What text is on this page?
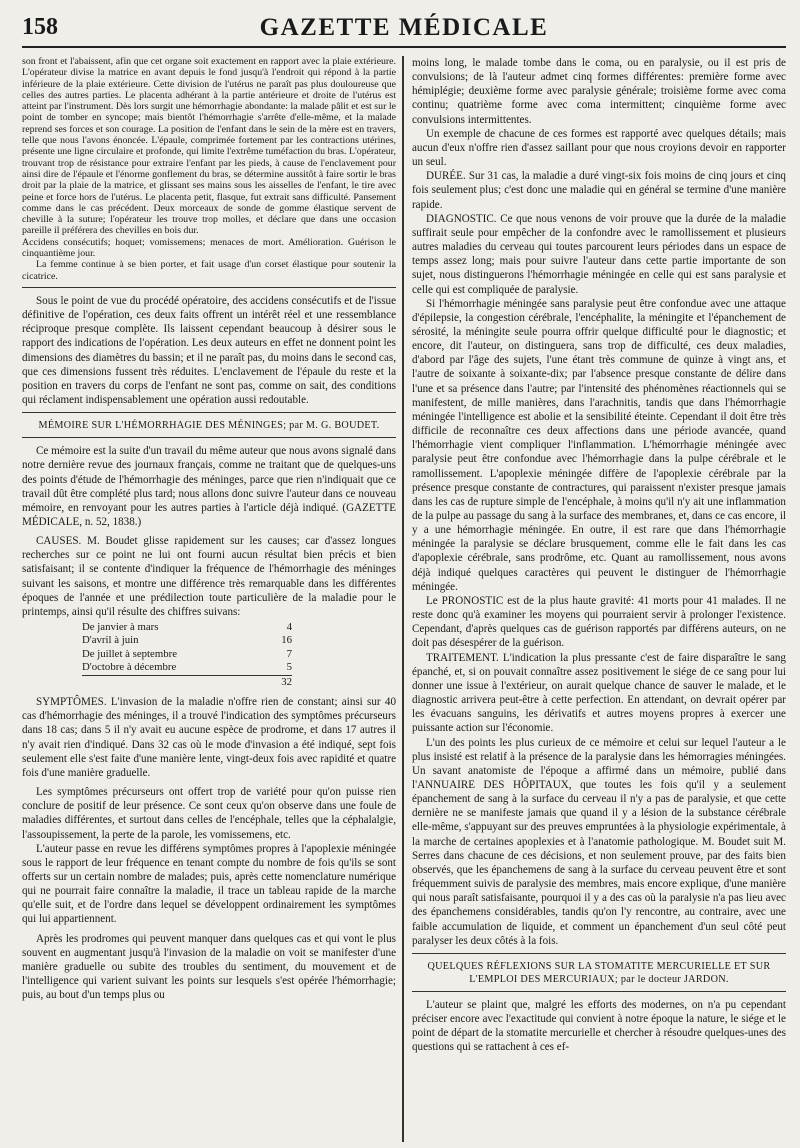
158	GAZETTE MÉDICALE

son front et l'abaissent, afin que cet organe soit exactement en rapport avec la plaie extérieure. L'opérateur divise la matrice en avant depuis le fond jusqu'à l'endroit qui répond à la partie inférieure de la plaie extérieure. Cette division de l'utérus ne paraît pas plus douloureuse que celles des autres parties. Le placenta adhérant à la partie antérieure et droite de l'utérus est atteint par l'instrument. Dès lors surgit une hémorrhagie abondante: la malade pâlit et est sur le point de tomber en syncope; mais bientôt l'hémorrhagie s'arrête d'elle-même, et la malade reprend ses forces et son courage. La position de l'enfant dans le sein de la mère est en travers, telle que nous l'avons énoncée. L'épaule, comprimée fortement par les contractions utérines, présente une ligne circulaire et profonde, qui limite l'extrême tuméfaction du bras. L'opérateur, trouvant trop de résistance pour extraire l'enfant par les pieds, à cause de l'enclavement pour ainsi dire de l'épaule et l'énorme gonflement du bras, se détermine aussitôt à faire sortir le bras droit par la plaie de la matrice, et glissant ses mains sous les aisselles de l'enfant, le tire avec peine et force hors de l'utérus. Le placenta petit, flasque, fut extrait sans difficulté. Pansement comme dans le cas précédent. Deux morceaux de sonde de gomme élastique servent de cheville à la suture; l'opérateur les trouve trop molles, et déclare que dans une occasion pareille il préférera des chevilles en bois dur.

Accidens consécutifs; hoquet; vomissemens; menaces de mort. Amélioration. Guérison le cinquantième jour.

La femme continue à se bien porter, et fait usage d'un corset élastique pour soutenir la cicatrice.

Sous le point de vue du procédé opératoire, des accidens consécutifs et de l'issue définitive de l'opération, ces deux faits offrent un intérêt réel et une ressemblance réciproque presque complète. Ils laissent cependant beaucoup à désirer sous le rapport des indications de l'opération. Les deux auteurs en effet ne donnent point les dimensions des diamètres du bassin; et il ne paraît pas, du moins dans le second cas, que ces dimensions fussent très réduites. L'enclavement de l'épaule du reste et la position en travers du corps de l'enfant ne sont pas, comme on sait, des conditions qui réclament indispensablement une opération aussi redoutable.

MÉMOIRE SUR L'HÉMORRHAGIE DES MÉNINGES; par M. G. BOUDET.

Ce mémoire est la suite d'un travail du même auteur que nous avons signalé dans notre dernière revue des journaux français, comme ne traitant que de quelques-uns des points d'étude de l'hémorrhagie des méninges, parce que rien n'indiquait que ce travail dût être complété plus tard; nous allons donc suivre l'auteur dans ce nouveau mémoire, en renvoyant pour les autres parties à l'article déjà indiqué. (GAZETTE MÉDICALE, n. 52, 1838.)

CAUSES. M. Boudet glisse rapidement sur les causes; car d'assez longues recherches sur ce point ne lui ont fourni aucun résultat bien précis et bien satisfaisant; il se contente d'indiquer la fréquence de l'hémorrhagie des méninges suivant les saisons, et montre une différence très remarquable dans les différentes époques de l'année et une prédilection toute particulière de la maladie pour le printemps, ainsi qu'il résulte des chiffres suivans:

De janvier à mars	4
D'avril à juin	16
De juillet à septembre	7
D'octobre à décembre	5
	32

SYMPTÔMES. L'invasion de la maladie n'offre rien de constant; ainsi sur 40 cas d'hémorrhagie des méninges, il a trouvé l'indication des symptômes précurseurs dans 18 cas; dans 5 il n'y avait eu aucune espèce de prodrome, et dans 17 autres il n'y avait rien d'indiqué. Dans 32 cas où le mode d'invasion a été indiqué, sept fois seulement elle s'est faite d'une manière lente, vingt-deux fois avec rapidité et quatre fois d'une manière graduelle.

Les symptômes précurseurs ont offert trop de variété pour qu'on puisse rien conclure de positif de leur présence. Ce sont ceux qu'on observe dans une foule de maladies différentes, et surtout dans celles de l'encéphale, telles que la céphalalgie, l'assoupissement, la perte de la parole, les vomissemens, etc.

L'auteur passe en revue les différens symptômes propres à l'apoplexie méningée sous le rapport de leur fréquence en tenant compte du nombre de fois qu'ils se sont offerts sur un certain nombre de malades; puis, après cette nomenclature numérique qui ne pourrait faire connaître la maladie, il trace un tableau rapide de la marche qu'elle suit, et de l'ordre dans lequel se développent ordinairement les symptômes qui lui appartiennent.

Après les prodromes qui peuvent manquer dans quelques cas et qui vont le plus souvent en augmentant jusqu'à l'invasion de la maladie on voit se manifester d'une manière graduelle ou subite des troubles du sentiment, du mouvement et de l'intelligence qui varient suivant les points sur lesquels s'est opérée l'hémorrhagie; puis, au bout d'un temps plus ou

moins long, le malade tombe dans le coma, ou en paralysie, ou il est pris de convulsions; de là l'auteur admet cinq formes différentes: première forme avec hémiplégie; deuxième forme avec paralysie générale; troisième forme avec coma continu; quatrième forme avec coma intermittent; cinquième forme avec convulsions intermittentes.

Un exemple de chacune de ces formes est rapporté avec quelques détails; mais aucun d'eux n'offre rien d'assez saillant pour que nous croyions devoir en rapporter un seul.

DURÉE. Sur 31 cas, la maladie a duré vingt-six fois moins de cinq jours et cinq fois seulement plus; c'est donc une maladie qui en général se termine d'une manière rapide.

DIAGNOSTIC. Ce que nous venons de voir prouve que la durée de la maladie suffirait seule pour empêcher de la confondre avec le ramollissement et plusieurs autres maladies du cerveau qui toutes parcourent leurs périodes dans un espace de temps assez long; mais pour suivre l'auteur dans cette partie importante de son sujet, nous distinguerons l'hémorrhagie méningée en celle qui est sans paralysie et celle qui est compliquée de paralysie.

Si l'hémorrhagie méningée sans paralysie peut être confondue avec une attaque d'épilepsie, la congestion cérébrale, l'encéphalite, la méningite et l'épanchement de sérosité, la méningite seule pourra offrir quelque difficulté pour le diagnostic; et encore, dit l'auteur, on distinguera, sans trop de difficulté, ces deux maladies, d'abord par l'âge des sujets, l'une étant très commune de quinze à vingt ans, et l'autre de soixante à soixante-dix; par l'absence presque constante de délire dans l'une et sa présence dans l'autre; par l'intensité des phénomènes réactionnels qui se manifestent, de mille manières, dans l'arachnitis, tandis que dans l'hémorrhagie méningée l'intelligence est abolie et la sensibilité éteinte. Cependant il doit être très difficile de reconnaître ces deux affections dans une période avancée, quand l'hémorrhagie vient compliquer l'inflammation. L'hémorrhagie méningée avec paralysie peut être confondue avec l'hémorrhagie dans la pulpe cérébrale et le ramollissement. L'apoplexie méningée diffère de l'apoplexie cérébrale par la présence presque constante de contractures, qui paraissent n'exister presque jamais dans les cas de rupture simple de l'encéphale, à moins qu'il n'y ait une inflammation de la pulpe au passage du sang à la surface des membranes, et, dans ce cas encore, il y a une hémorrhagie méningée. En outre, il est rare que dans l'hémorrhagie méningée la paralysie se déclare brusquement, comme elle le fait dans les cas d'apoplexie cérébrale, sans prodrôme, etc. Quant au ramollissement, nous avons déjà indiqué quelques caractères qui peuvent le distinguer de l'hémorrhagie méningée.

Le PRONOSTIC est de la plus haute gravité: 41 morts pour 41 malades. Il ne reste donc qu'à examiner les moyens qui pourraient servir à prolonger l'existence. Cependant, d'après quelques cas de guérison rapportés par différens auteurs, on ne doit pas désespérer de la guérison.

TRAITEMENT. L'indication la plus pressante c'est de faire disparaître le sang épanché, et, si on pouvait connaître assez positivement le siége de ce sang pour lui donner une issue à l'extérieur, on aurait quelque chance de sauver le malade, et le diagnostic arrivera peut-être à cette perfection. En attendant, on devrait opérer par les évacuans sanguins, les dérivatifs et autres moyens propres à exercer une puissante action sur l'économie.

L'un des points les plus curieux de ce mémoire et celui sur lequel l'auteur a le plus insisté est relatif à la présence de la paralysie dans les hémorragies méningées. Un savant anatomiste de l'époque a affirmé dans un mémoire, publié dans l'ANNUAIRE DES HÔPITAUX, que toutes les fois qu'il y a seulement épanchement de sang à la surface du cerveau il n'y a pas de paralysie, et que cette dernière ne se manifeste jamais que quand il y a lésion de la substance cérébrale elle-même, s'appuyant sur des preuves empruntées à la physiologie expérimentale, à la marche de certaines apoplexies et à l'anatomie pathologique. M. Boudet suit M. Serres dans chacune de ces décisions, et non seulement prouve, par des faits bien observés, que les épanchemens de sang à la surface du cerveau peuvent être et sont fréquemment suivis de paralysie des membres, mais encore explique, d'une manière qui nous paraît satisfaisante, pourquoi il y a des cas où la paralysie n'a pas lieu avec des épanchemens considérables, tandis qu'on l'y rencontre, au contraire, avec une faible accumulation de liquide, et comment un épanchement d'un seul côté peut paralyser les deux côtés à la fois.

QUELQUES RÉFLEXIONS SUR LA STOMATITE MERCURIELLE ET SUR L'EMPLOI DES MERCURIAUX; par le docteur JARDON.

L'auteur se plaint que, malgré les efforts des modernes, on n'a pu cependant préciser encore avec l'exactitude qui convient à notre époque la nature, le siége et le point de départ de la stomatite mercurielle et chercher à résoudre quelques-unes des questions qui se rattachent à ces ef-
